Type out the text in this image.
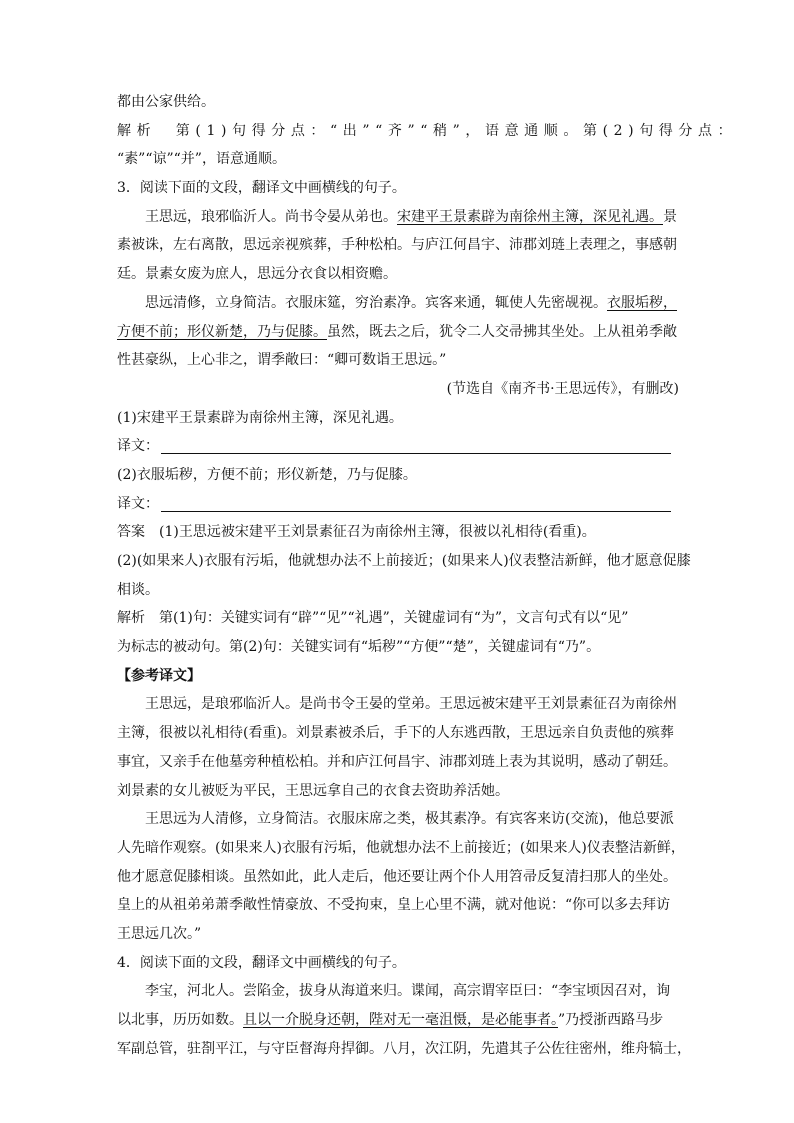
都由公家供给。
解析　第(1)句得分点：“出”“齐”“稍”，语意通顺。第(2)句得分点：
“素”“谅”“并”，语意通顺。
3．阅读下面的文段，翻译文中画横线的句子。
王思远，琅邪临沂人。尚书令晏从弟也。宋建平王景素辟为南徐州主簿，深见礼遇。景
素被诛，左右离散，思远亲视殡葬，手种松柏。与庐江何昌宇、沛郡刘琏上表理之，事感朝
廷。景素女废为庶人，思远分衣食以相资赡。
思远清修，立身简洁。衣服床筵，穷治素净。宾客来通，辄使人先密觇视。衣服垢秽，
方便不前；形仪新楚，乃与促膝。虽然，既去之后，犹令二人交帚拂其坐处。上从祖弟季敞
性甚豪纵，上心非之，谓季敞曰：“卿可数诣王思远。”
(节选自《南齐书·王思远传》，有删改)
(1)宋建平王景素辟为南徐州主簿，深见礼遇。
译文：
(2)衣服垢秽，方便不前；形仪新楚，乃与促膝。
译文：
答案　(1)王思远被宋建平王刘景素征召为南徐州主簿，很被以礼相待(看重)。
(2)(如果来人)衣服有污垢，他就想办法不上前接近；(如果来人)仪表整洁新鲜，他才愿意促膝
相谈。
解析　第(1)句：关键实词有“辟”“见”“礼遇”，关键虚词有“为”，文言句式有以“见”
为标志的被动句。第(2)句：关键实词有“垢秽”“方便”“楚”，关键虚词有“乃”。
【参考译文】
王思远，是琅邪临沂人。是尚书令王晏的堂弟。王思远被宋建平王刘景素征召为南徐州
主簿，很被以礼相待(看重)。刘景素被杀后，手下的人东逃西散，王思远亲自负责他的殡葬
事宜，又亲手在他墓旁种植松柏。并和庐江何昌宇、沛郡刘琏上表为其说明，感动了朝廷。
刘景素的女儿被贬为平民，王思远拿自己的衣食去资助养活她。
王思远为人清修，立身简洁。衣服床席之类，极其素净。有宾客来访(交流)，他总要派
人先暗作观察。(如果来人)衣服有污垢，他就想办法不上前接近；(如果来人)仪表整洁新鲜，
他才愿意促膝相谈。虽然如此，此人走后，他还要让两个仆人用笤帚反复清扫那人的坐处。
皇上的从祖弟弟萧季敞性情豪放、不受拘束，皇上心里不满，就对他说：“你可以多去拜访
王思远几次。”
4．阅读下面的文段，翻译文中画横线的句子。
李宝，河北人。尝陷金，拔身从海道来归。谍闻，高宗谓宰臣曰：“李宝顷因召对，询
以北事，历历如数。且以一介脱身还朝，陛对无一毫沮慑，是必能事者。”乃授浙西路马步
军副总管，驻剳平江，与守臣督海舟捍御。八月，次江阴，先遣其子公佐往密州，维舟犒士，
